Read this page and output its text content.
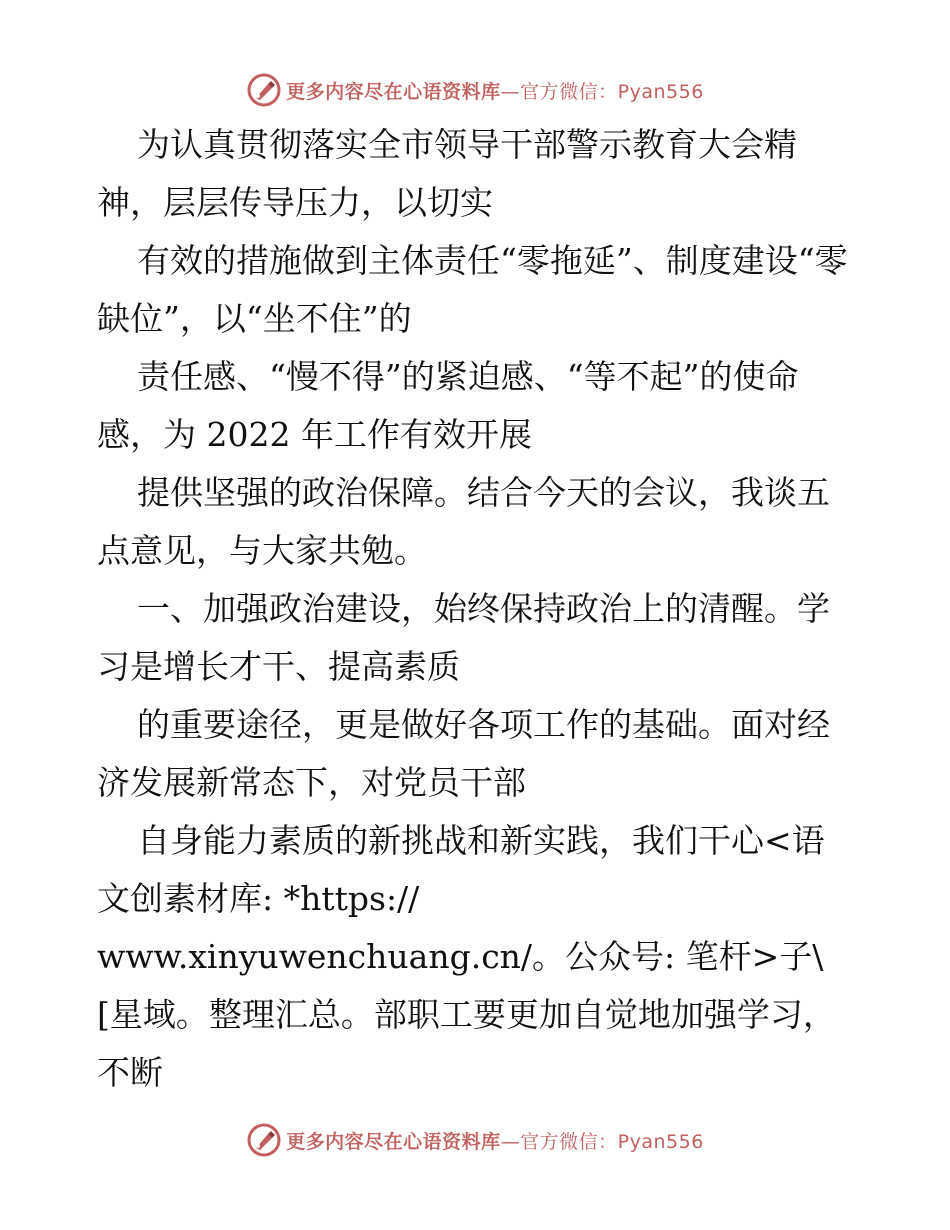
更多内容尽在心语资料库—官方微信：Pyan556

为认真贯彻落实全市领导干部警示教育大会精神，层层传导压力，以切实

有效的措施做到主体责任“零拖延”、制度建设“零缺位”，以“坐不住”的

责任感、“慢不得”的紧迫感、“等不起”的使命感，为 2022 年工作有效开展

提供坚强的政治保障。结合今天的会议，我谈五点意见，与大家共勉。

一、加强政治建设，始终保持政治上的清醒。学习是增长才干、提高素质

的重要途径，更是做好各项工作的基础。面对经济发展新常态下，对党员干部

自身能力素质的新挑战和新实践，我们干心<语文创素材库: *https://

www.xinyuwenchuang.cn/。公众号: 笔杆>子\[星域。整理汇总。部职工要更加自觉地加强学习，不断

更多内容尽在心语资料库—官方微信：Pyan556
